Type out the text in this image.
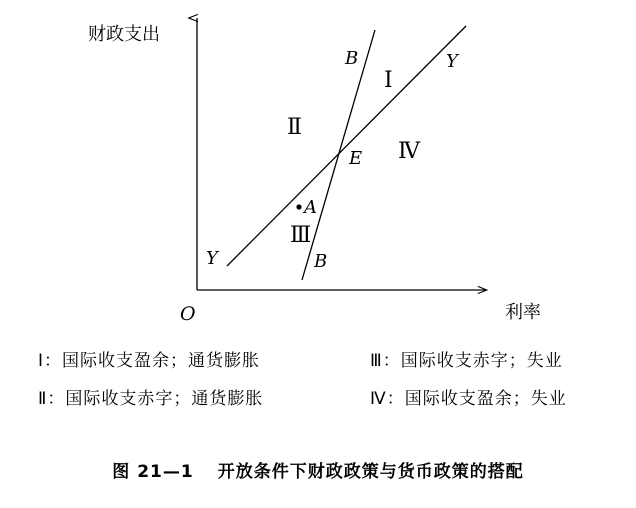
财政支出
利率
O
B
B
Y
Y
E
A
Ⅰ
Ⅱ
Ⅲ
Ⅳ
Ⅰ：国际收支盈余；通货膨胀	Ⅲ：国际收支赤字；失业
Ⅱ：国际收支赤字；通货膨胀	Ⅳ：国际收支盈余；失业
图 21—1 开放条件下财政政策与货币政策的搭配
